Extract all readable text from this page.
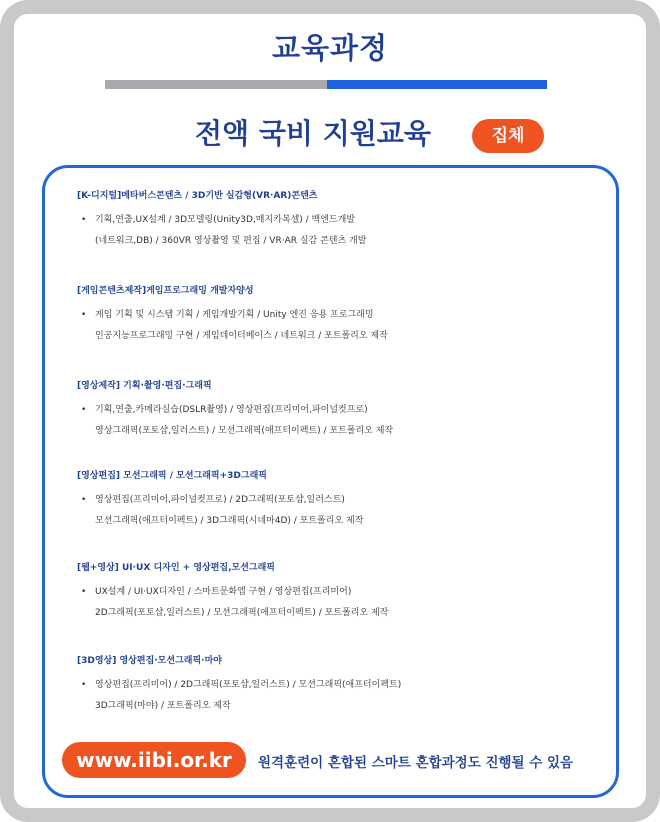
교육과정
전액 국비 지원교육	집체
[K-디지털]메타버스콘텐츠 / 3D기반 실감형(VR·AR)콘텐츠
• 기획,연출,UX설계 / 3D모델링(Unity3D,매지카복셀) / 백엔드개발
(네트워크,DB) / 360VR 영상촬영 및 편집 / VR·AR 실감 콘텐츠 개발
[게임콘텐츠제작]게임프로그래밍 개발자양성
• 게임 기획 및 시스템 기획 / 게임개발기획 / Unity 엔진 응용 프로그래밍
인공지능프로그래밍 구현 / 게임데이터베이스 / 네트워크 / 포트폴리오 제작
[영상제작] 기획·촬영·편집·그래픽
• 기획,연출,카메라실습(DSLR촬영) / 영상편집(프리미어,파이널컷프로)
영상그래픽(포토샵,일러스트) / 모션그래픽(애프터이펙트) / 포트폴리오 제작
[영상편집] 모션그래픽 / 모션그래픽+3D그래픽
• 영상편집(프리미어,파이널컷프로) / 2D그래픽(포토샵,일러스트)
모션그래픽(애프터이펙트) / 3D그래픽(시네마4D) / 포트폴리오 제작
[웹+영상] UI·UX 디자인 + 영상편집,모션그래픽
• UX설계 / UI·UX디자인 / 스마트문화앱 구현 / 영상편집(프리미어)
2D그래픽(포토샵,일러스트) / 모션그래픽(애프터이펙트) / 포트폴리오 제작
[3D영상] 영상편집·모션그래픽·마야
• 영상편집(프리미어) / 2D그래픽(포토샵,일러스트) / 모션그래픽(애프터이펙트)
3D그래픽(마야) / 포트폴리오 제작
www.iibi.or.kr	원격훈련이 혼합된 스마트 혼합과정도 진행될 수 있음
